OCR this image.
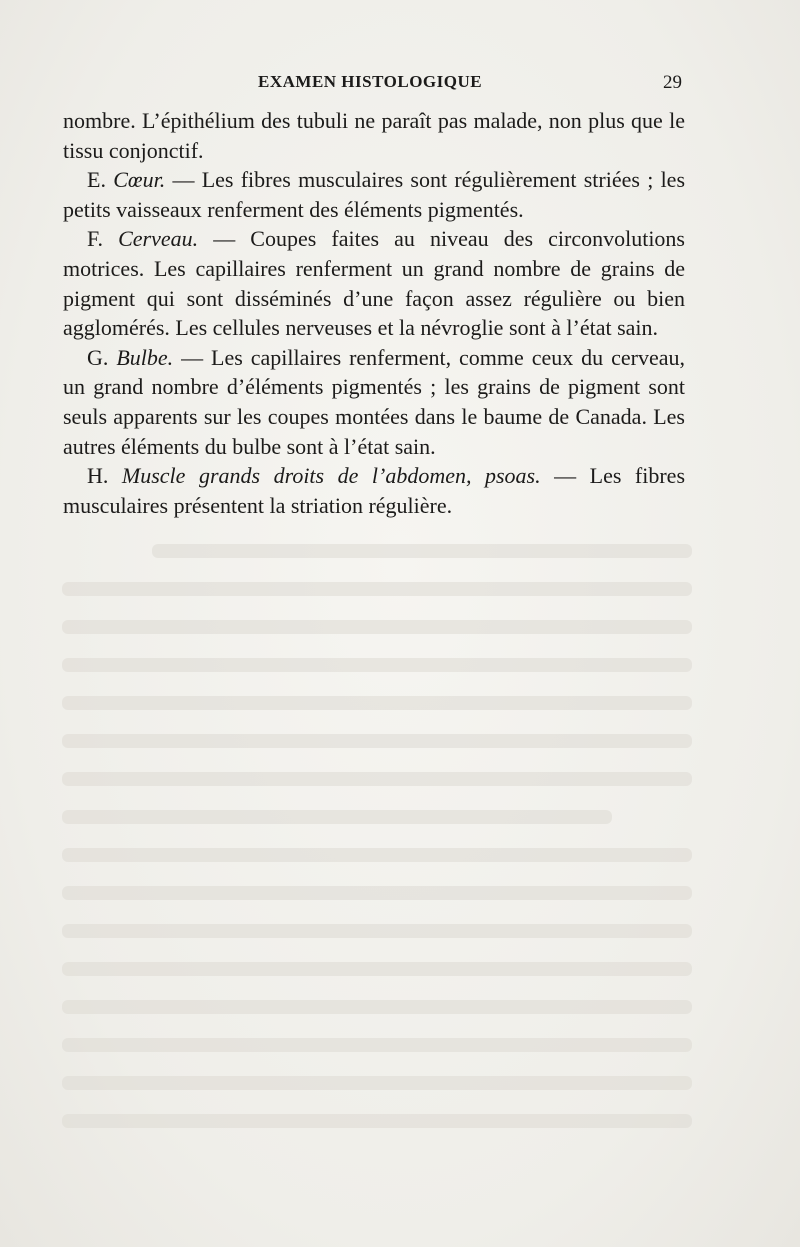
EXAMEN HISTOLOGIQUE	29

nombre. L’épithélium des tubuli ne paraît pas malade, non plus que le tissu conjonctif.

E. Cœur. — Les fibres musculaires sont régulièrement striées ; les petits vaisseaux renferment des éléments pigmentés.

F. Cerveau. — Coupes faites au niveau des circonvolutions motrices. Les capillaires renferment un grand nombre de grains de pigment qui sont disséminés d’une façon assez régulière ou bien agglomérés. Les cellules nerveuses et la névroglie sont à l’état sain.

G. Bulbe. — Les capillaires renferment, comme ceux du cerveau, un grand nombre d’éléments pigmentés ; les grains de pigment sont seuls apparents sur les coupes montées dans le baume de Canada. Les autres éléments du bulbe sont à l’état sain.

H. Muscle grands droits de l’abdomen, psoas. — Les fibres musculaires présentent la striation régulière.
